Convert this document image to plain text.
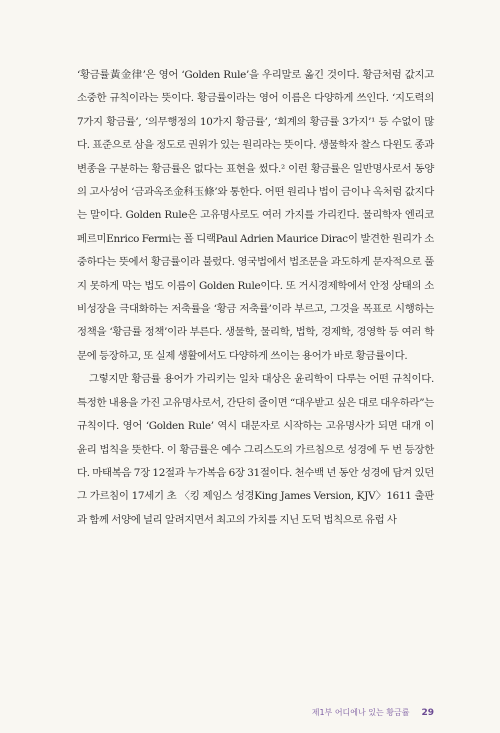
‘황금률黃金律’은 영어 ‘Golden Rule’을 우리말로 옮긴 것이다. 황금처럼 값지고 소중한 규칙이라는 뜻이다. 황금률이라는 영어 이름은 다양하게 쓰인다. ‘지도력의 7가지 황금률’, ‘의무행정의 10가지 황금률’, ‘회계의 황금률 3가지’¹ 등 수없이 많다. 표준으로 삼을 정도로 권위가 있는 원리라는 뜻이다. 생물학자 찰스 다윈도 종과 변종을 구분하는 황금률은 없다는 표현을 썼다.² 이런 황금률은 일반명사로서 동양의 고사성어 ‘금과옥조金科玉條’와 통한다. 어떤 원리나 법이 금이나 옥처럼 값지다는 말이다. Golden Rule은 고유명사로도 여러 가지를 가리킨다. 물리학자 엔리코 페르미Enrico Fermi는 폴 디랙Paul Adrien Maurice Dirac이 발견한 원리가 소중하다는 뜻에서 황금률이라 불렀다. 영국법에서 법조문을 과도하게 문자적으로 풀지 못하게 막는 법도 이름이 Golden Rule이다. 또 거시경제학에서 안정 상태의 소비성장을 극대화하는 저축률을 ‘황금 저축률’이라 부르고, 그것을 목표로 시행하는 정책을 ‘황금률 정책’이라 부른다. 생물학, 물리학, 법학, 경제학, 경영학 등 여러 학문에 등장하고, 또 실제 생활에서도 다양하게 쓰이는 용어가 바로 황금률이다.

그렇지만 황금률 용어가 가리키는 일차 대상은 윤리학이 다루는 어떤 규칙이다. 특정한 내용을 가진 고유명사로서, 간단히 줄이면 “대우받고 싶은 대로 대우하라”는 규칙이다. 영어 ‘Golden Rule’ 역시 대문자로 시작하는 고유명사가 되면 대개 이 윤리 법칙을 뜻한다. 이 황금률은 예수 그리스도의 가르침으로 성경에 두 번 등장한다. 마태복음 7장 12절과 누가복음 6장 31절이다. 천수백 년 동안 성경에 담겨 있던 그 가르침이 17세기 초 〈킹 제임스 성경King James Version, KJV〉1611 출판과 함께 서양에 널리 알려지면서 최고의 가치를 지닌 도덕 법칙으로 유럽 사

제1부 어디에나 있는 황금률 29
